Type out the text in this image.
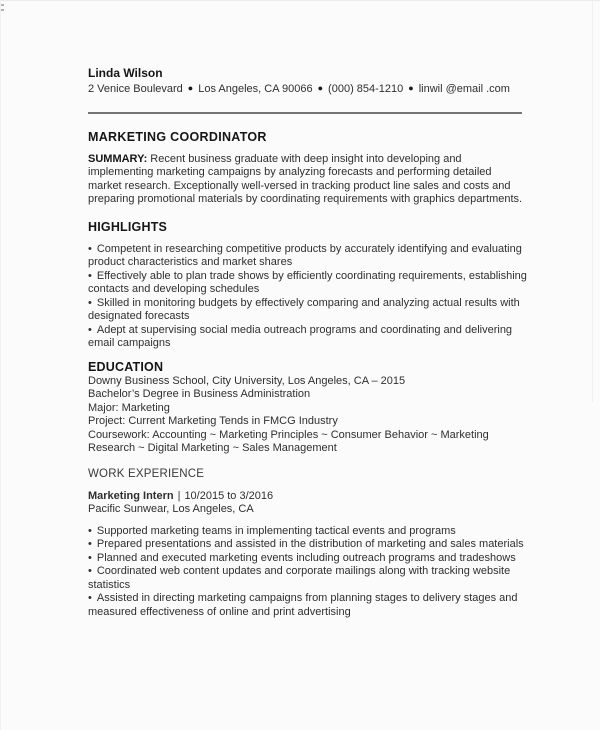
Linda Wilson

2 Venice Boulevard ● Los Angeles, CA 90066 ● (000) 854-1210 ● linwil @email .com

MARKETING COORDINATOR

SUMMARY: Recent business graduate with deep insight into developing and implementing marketing campaigns by analyzing forecasts and performing detailed market research. Exceptionally well-versed in tracking product line sales and costs and preparing promotional materials by coordinating requirements with graphics departments.

HIGHLIGHTS

• Competent in researching competitive products by accurately identifying and evaluating product characteristics and market shares

• Effectively able to plan trade shows by efficiently coordinating requirements, establishing contacts and developing schedules

• Skilled in monitoring budgets by effectively comparing and analyzing actual results with designated forecasts

• Adept at supervising social media outreach programs and coordinating and delivering email campaigns

EDUCATION

Downy Business School, City University, Los Angeles, CA – 2015

Bachelor’s Degree in Business Administration

Major: Marketing

Project: Current Marketing Tends in FMCG Industry

Coursework: Accounting ~ Marketing Principles ~ Consumer Behavior ~ Marketing Research ~ Digital Marketing ~ Sales Management

WORK EXPERIENCE

Marketing Intern | 10/2015 to 3/2016

Pacific Sunwear, Los Angeles, CA

• Supported marketing teams in implementing tactical events and programs

• Prepared presentations and assisted in the distribution of marketing and sales materials

• Planned and executed marketing events including outreach programs and tradeshows

• Coordinated web content updates and corporate mailings along with tracking website statistics

• Assisted in directing marketing campaigns from planning stages to delivery stages and measured effectiveness of online and print advertising
